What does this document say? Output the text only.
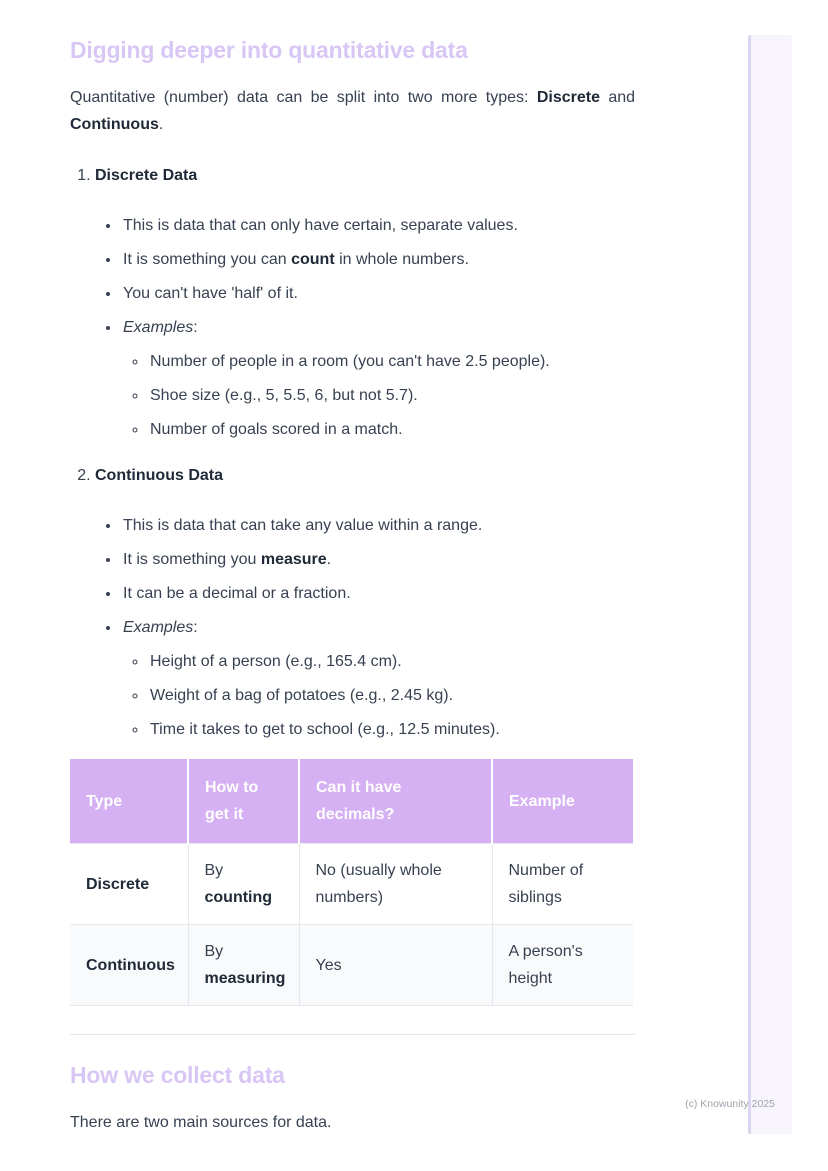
Digging deeper into quantitative data

Quantitative (number) data can be split into two more types: Discrete and Continuous.

1. Discrete Data
• This is data that can only have certain, separate values.
• It is something you can count in whole numbers.
• You can't have 'half' of it.
• Examples:
◦ Number of people in a room (you can't have 2.5 people).
◦ Shoe size (e.g., 5, 5.5, 6, but not 5.7).
◦ Number of goals scored in a match.
2. Continuous Data
• This is data that can take any value within a range.
• It is something you measure.
• It can be a decimal or a fraction.
• Examples:
◦ Height of a person (e.g., 165.4 cm).
◦ Weight of a bag of potatoes (e.g., 2.45 kg).
◦ Time it takes to get to school (e.g., 12.5 minutes).
Type	How to get it	Can it have decimals?	Example
Discrete	By counting	No (usually whole numbers)	Number of siblings
Continuous	By measuring	Yes	A person's height
How we collect data

There are two main sources for data.

(c) Knowunity 2025
